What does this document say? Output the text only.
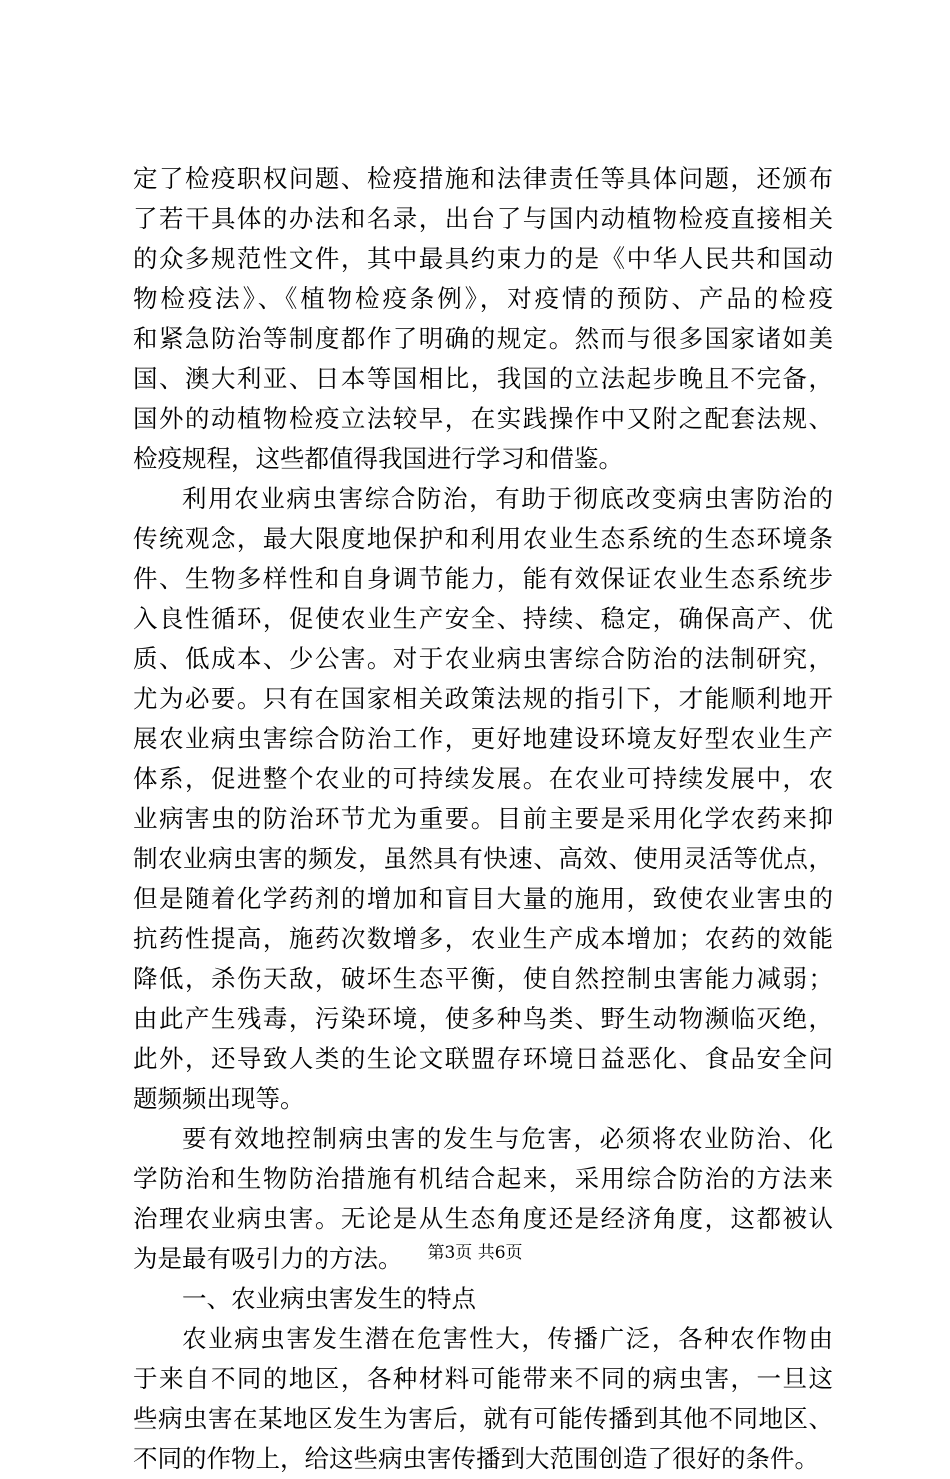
定了检疫职权问题、检疫措施和法律责任等具体问题，还颁布
了若干具体的办法和名录，出台了与国内动植物检疫直接相关
的众多规范性文件，其中最具约束力的是《中华人民共和国动
物检疫法》、《植物检疫条例》，对疫情的预防、产品的检疫
和紧急防治等制度都作了明确的规定。然而与很多国家诸如美
国、澳大利亚、日本等国相比，我国的立法起步晚且不完备，
国外的动植物检疫立法较早，在实践操作中又附之配套法规、
检疫规程，这些都值得我国进行学习和借鉴。
利用农业病虫害综合防治，有助于彻底改变病虫害防治的
传统观念，最大限度地保护和利用农业生态系统的生态环境条
件、生物多样性和自身调节能力，能有效保证农业生态系统步
入良性循环，促使农业生产安全、持续、稳定，确保高产、优
质、低成本、少公害。对于农业病虫害综合防治的法制研究，
尤为必要。只有在国家相关政策法规的指引下，才能顺利地开
展农业病虫害综合防治工作，更好地建设环境友好型农业生产
体系，促进整个农业的可持续发展。在农业可持续发展中，农
业病害虫的防治环节尤为重要。目前主要是采用化学农药来抑
制农业病虫害的频发，虽然具有快速、高效、使用灵活等优点，
但是随着化学药剂的增加和盲目大量的施用，致使农业害虫的
抗药性提高，施药次数增多，农业生产成本增加；农药的效能
降低，杀伤天敌，破坏生态平衡，使自然控制虫害能力减弱；
由此产生残毒，污染环境，使多种鸟类、野生动物濒临灭绝，
此外，还导致人类的生论文联盟存环境日益恶化、食品安全问
题频频出现等。
要有效地控制病虫害的发生与危害，必须将农业防治、化
学防治和生物防治措施有机结合起来，采用综合防治的方法来
治理农业病虫害。无论是从生态角度还是经济角度，这都被认
为是最有吸引力的方法。
一、农业病虫害发生的特点
农业病虫害发生潜在危害性大，传播广泛，各种农作物由
于来自不同的地区，各种材料可能带来不同的病虫害，一旦这
些病虫害在某地区发生为害后，就有可能传播到其他不同地区、
不同的作物上，给这些病虫害传播到大范围创造了很好的条件。
第3页 共6页
